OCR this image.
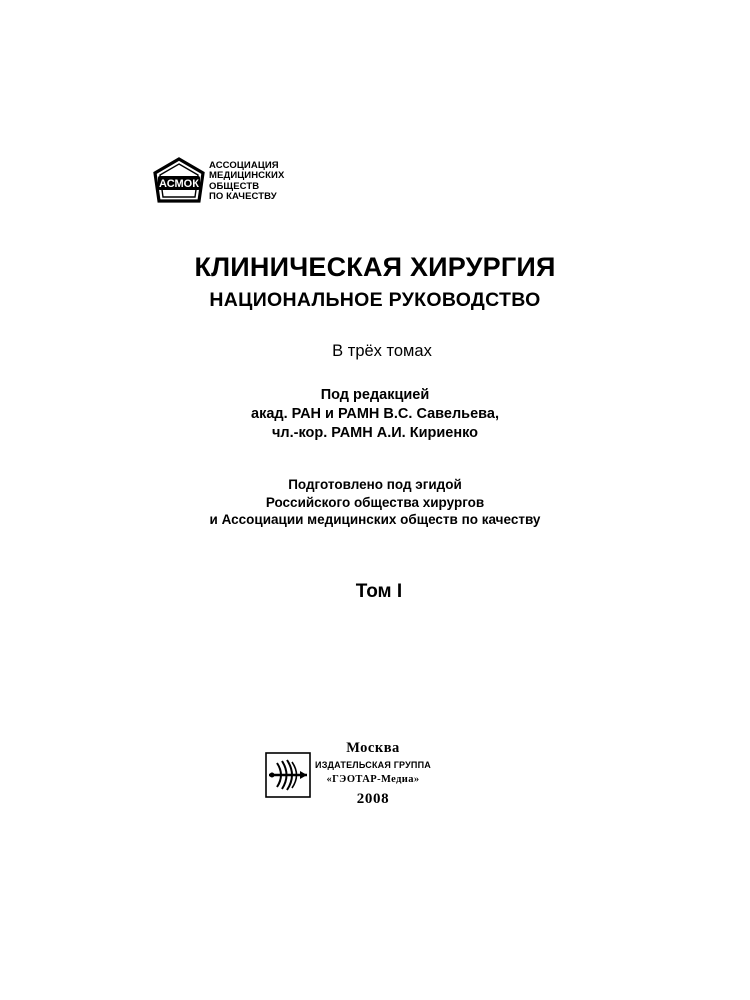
АСМОК
АССОЦИАЦИЯ
МЕДИЦИНСКИХ
ОБЩЕСТВ
ПО КАЧЕСТВУ
КЛИНИЧЕСКАЯ ХИРУРГИЯ
НАЦИОНАЛЬНОЕ РУКОВОДСТВО
В трёх томах
Под редакцией
акад. РАН и РАМН В.С. Савельева,
чл.-кор. РАМН А.И. Кириенко
Подготовлено под эгидой
Российского общества хирургов
и Ассоциации медицинских обществ по качеству
Том I
Москва
ИЗДАТЕЛЬСКАЯ ГРУППА
«ГЭОТАР-Медиа»
2008
